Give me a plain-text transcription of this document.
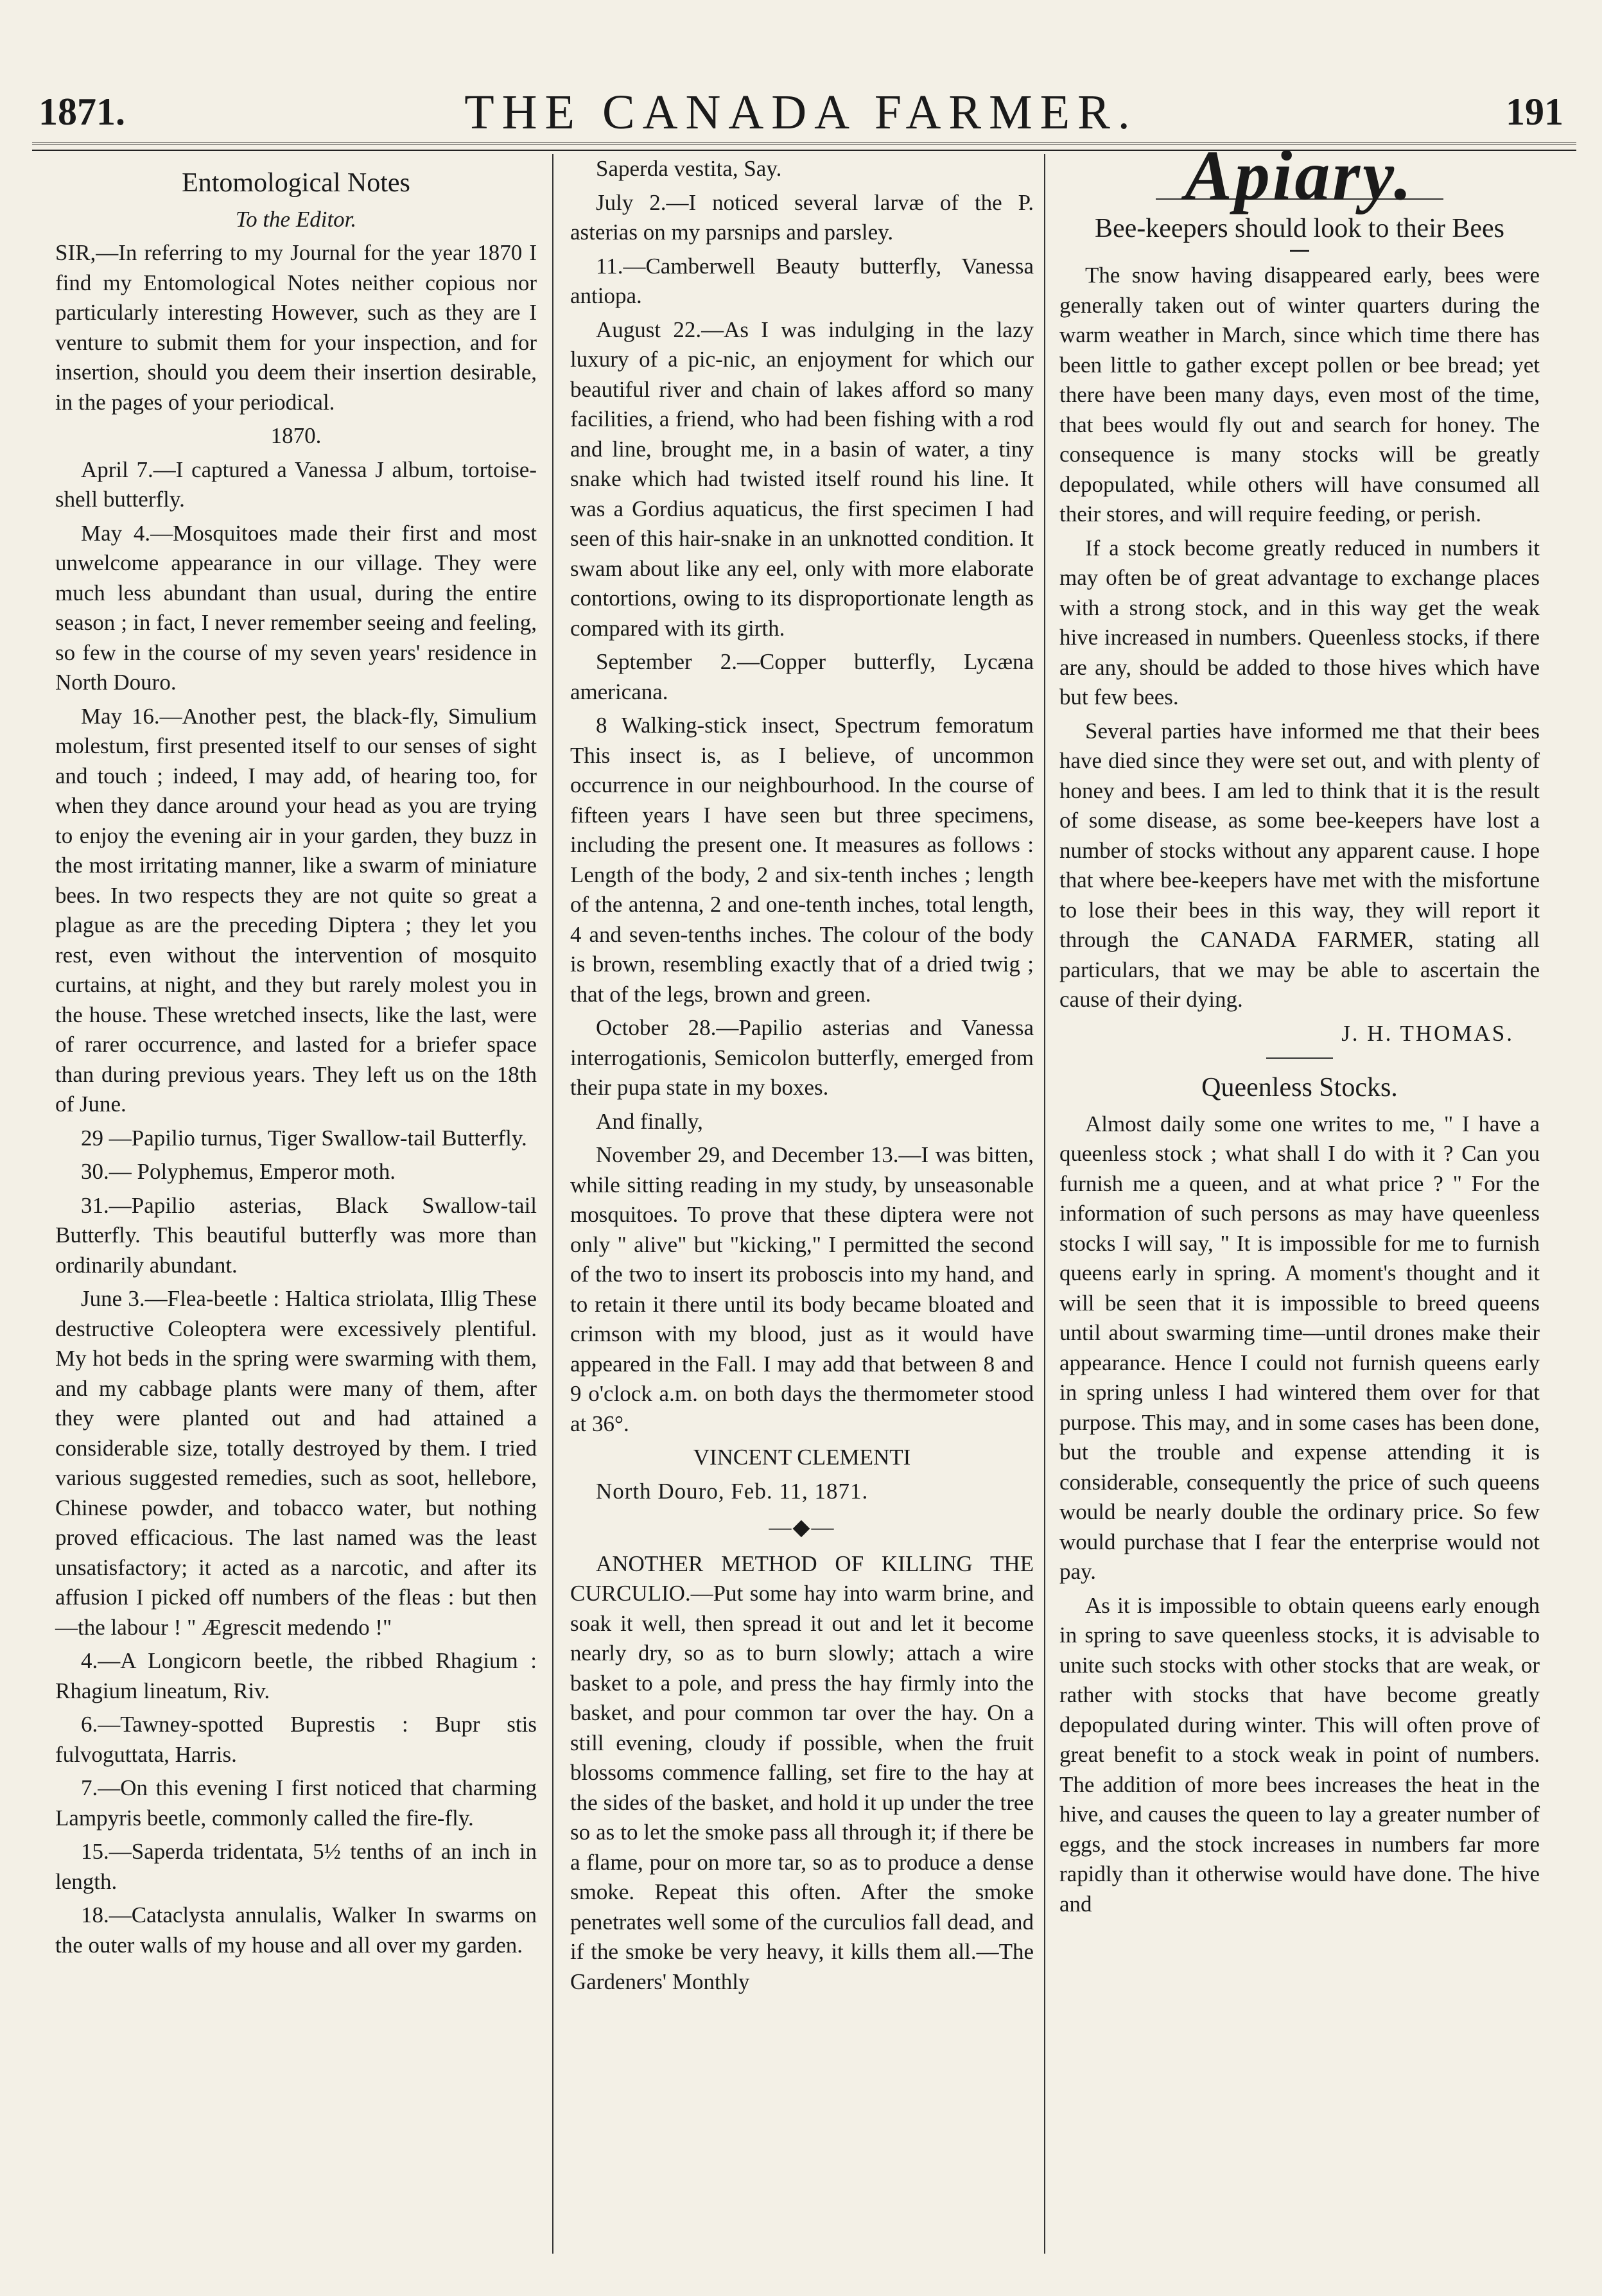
1871.	THE CANADA FARMER.	191
Entomological Notes
To the Editor.

SIR,—In referring to my Journal for the year 1870 I find my Entomological Notes neither copious nor particularly interesting However, such as they are I venture to submit them for your inspection, and for insertion, should you deem their insertion desirable, in the pages of your periodical.

1870.

April 7.—I captured a Vanessa J album, tortoise-shell butterfly.

May 4.—Mosquitoes made their first and most unwelcome appearance in our village. They were much less abundant than usual, during the entire season ; in fact, I never remember seeing and feeling, so few in the course of my seven years' residence in North Douro.

May 16.—Another pest, the black-fly, Simulium molestum, first presented itself to our senses of sight and touch ; indeed, I may add, of hearing too, for when they dance around your head as you are trying to enjoy the evening air in your garden, they buzz in the most irritating manner, like a swarm of miniature bees. In two respects they are not quite so great a plague as are the preceding Diptera ; they let you rest, even without the intervention of mosquito curtains, at night, and they but rarely molest you in the house. These wretched insects, like the last, were of rarer occurrence, and lasted for a briefer space than during previous years. They left us on the 18th of June.

29 —Papilio turnus, Tiger Swallow-tail Butterfly.

30.— Polyphemus, Emperor moth.

31.—Papilio asterias, Black Swallow-tail Butterfly. This beautiful butterfly was more than ordinarily abundant.

June 3.—Flea-beetle : Haltica striolata, Illig These destructive Coleoptera were excessively plentiful. My hot beds in the spring were swarming with them, and my cabbage plants were many of them, after they were planted out and had attained a considerable size, totally destroyed by them. I tried various suggested remedies, such as soot, hellebore, Chinese powder, and tobacco water, but nothing proved efficacious. The last named was the least unsatisfactory; it acted as a narcotic, and after its affusion I picked off numbers of the fleas : but then—the labour ! " Ægrescit medendo !"

4.—A Longicorn beetle, the ribbed Rhagium : Rhagium lineatum, Riv.

6.—Tawney-spotted Buprestis : Bupr stis fulvoguttata, Harris.

7.—On this evening I first noticed that charming Lampyris beetle, commonly called the fire-fly.

15.—Saperda tridentata, 5½ tenths of an inch in length.

18.—Cataclysta annulalis, Walker In swarms on the outer walls of my house and all over my garden.

Saperda vestita, Say.

July 2.—I noticed several larvæ of the P. asterias on my parsnips and parsley.

11.—Camberwell Beauty butterfly, Vanessa antiopa.

August 22.—As I was indulging in the lazy luxury of a pic-nic, an enjoyment for which our beautiful river and chain of lakes afford so many facilities, a friend, who had been fishing with a rod and line, brought me, in a basin of water, a tiny snake which had twisted itself round his line. It was a Gordius aquaticus, the first specimen I had seen of this hair-snake in an unknotted condition. It swam about like any eel, only with more elaborate contortions, owing to its disproportionate length as compared with its girth.

September 2.—Copper butterfly, Lycæna americana.

8 Walking-stick insect, Spectrum femoratum This insect is, as I believe, of uncommon occurrence in our neighbourhood. In the course of fifteen years I have seen but three specimens, including the present one. It measures as follows : Length of the body, 2 and six-tenth inches ; length of the antenna, 2 and one-tenth inches, total length, 4 and seven-tenths inches. The colour of the body is brown, resembling exactly that of a dried twig ; that of the legs, brown and green.

October 28.—Papilio asterias and Vanessa interrogationis, Semicolon butterfly, emerged from their pupa state in my boxes.

And finally,

November 29, and December 13.—I was bitten, while sitting reading in my study, by unseasonable mosquitoes. To prove that these diptera were not only " alive" but "kicking," I permitted the second of the two to insert its proboscis into my hand, and to retain it there until its body became bloated and crimson with my blood, just as it would have appeared in the Fall. I may add that between 8 and 9 o'clock a.m. on both days the thermometer stood at 36°.

VINCENT CLEMENTI

North Douro, Feb. 11, 1871.

—◆—

ANOTHER METHOD OF KILLING THE CURCULIO.—Put some hay into warm brine, and soak it well, then spread it out and let it become nearly dry, so as to burn slowly; attach a wire basket to a pole, and press the hay firmly into the basket, and pour common tar over the hay. On a still evening, cloudy if possible, when the fruit blossoms commence falling, set fire to the hay at the sides of the basket, and hold it up under the tree so as to let the smoke pass all through it; if there be a flame, pour on more tar, so as to produce a dense smoke. Repeat this often. After the smoke penetrates well some of the curculios fall dead, and if the smoke be very heavy, it kills them all.—The Gardeners' Monthly

Apiary.
Bee-keepers should look to their Bees

The snow having disappeared early, bees were generally taken out of winter quarters during the warm weather in March, since which time there has been little to gather except pollen or bee bread; yet there have been many days, even most of the time, that bees would fly out and search for honey. The consequence is many stocks will be greatly depopulated, while others will have consumed all their stores, and will require feeding, or perish.

If a stock become greatly reduced in numbers it may often be of great advantage to exchange places with a strong stock, and in this way get the weak hive increased in numbers. Queenless stocks, if there are any, should be added to those hives which have but few bees.

Several parties have informed me that their bees have died since they were set out, and with plenty of honey and bees. I am led to think that it is the result of some disease, as some bee-keepers have lost a number of stocks without any apparent cause. I hope that where bee-keepers have met with the misfortune to lose their bees in this way, they will report it through the CANADA FARMER, stating all particulars, that we may be able to ascertain the cause of their dying.

J. H. THOMAS.

Queenless Stocks.

Almost daily some one writes to me, " I have a queenless stock ; what shall I do with it ? Can you furnish me a queen, and at what price ? " For the information of such persons as may have queenless stocks I will say, " It is impossible for me to furnish queens early in spring. A moment's thought and it will be seen that it is impossible to breed queens until about swarming time—until drones make their appearance. Hence I could not furnish queens early in spring unless I had wintered them over for that purpose. This may, and in some cases has been done, but the trouble and expense attending it is considerable, consequently the price of such queens would be nearly double the ordinary price. So few would purchase that I fear the enterprise would not pay.

As it is impossible to obtain queens early enough in spring to save queenless stocks, it is advisable to unite such stocks with other stocks that are weak, or rather with stocks that have become greatly depopulated during winter. This will often prove of great benefit to a stock weak in point of numbers. The addition of more bees increases the heat in the hive, and causes the queen to lay a greater number of eggs, and the stock increases in numbers far more rapidly than it otherwise would have done. The hive and
